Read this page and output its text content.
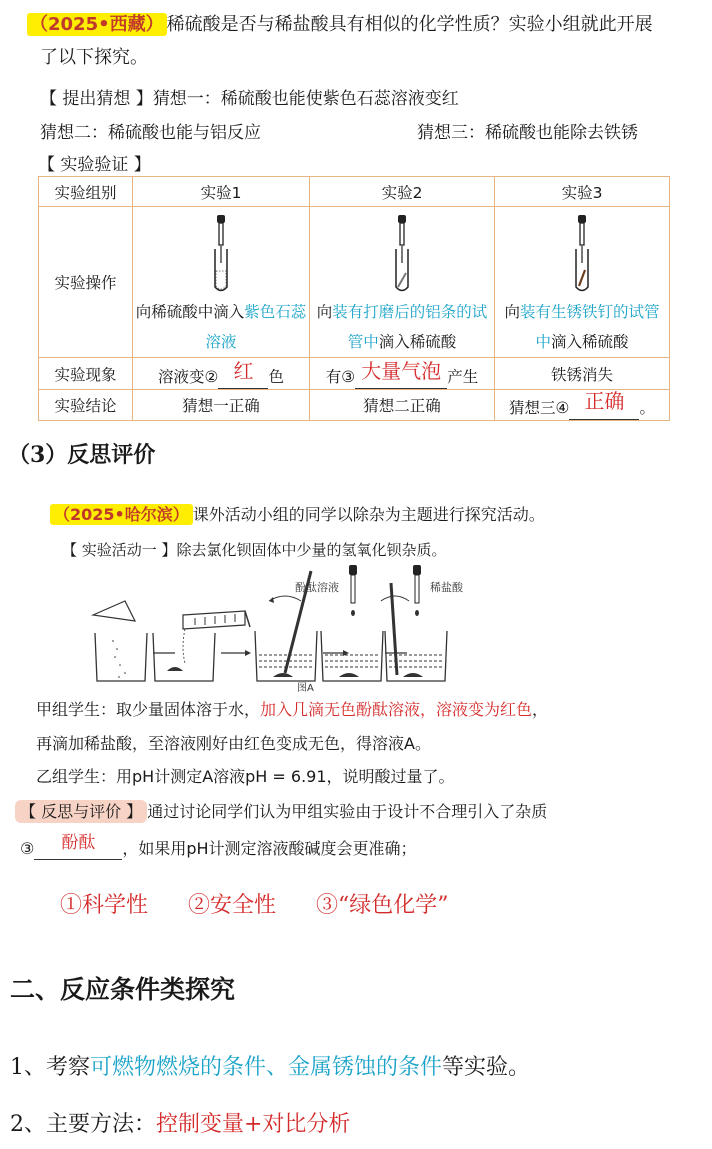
（2025•西藏） 稀硫酸是否与稀盐酸具有相似的化学性质？实验小组就此开展
了以下探究。
【 提出猜想 】猜想一：稀硫酸也能使紫色石蕊溶液变红
猜想二：稀硫酸也能与铝反应	猜想三：稀硫酸也能除去铁锈
【 实验验证 】
实验组别	实验1	实验2	实验3
实验操作	向稀硫酸中滴入紫色石蕊溶液	向装有打磨后的铝条的试管中滴入稀硫酸	向装有生锈铁钉的试管中滴入稀硫酸

实验现象	溶液变② 红 色	有③ 大量气泡 产生	铁锈消失
实验结论	猜想一正确	猜想二正确	猜想三④ 正确 。
（3）反思评价
（2025•哈尔滨） 课外活动小组的同学以除杂为主题进行探究活动。
【 实验活动一 】除去氯化钡固体中少量的氢氧化钡杂质。
酚酞溶液	稀盐酸
图A
甲组学生：取少量固体溶于水，加入几滴无色酚酞溶液，溶液变为红色，
再滴加稀盐酸，至溶液刚好由红色变成无色，得溶液A。
乙组学生：用pH计测定A溶液pH = 6.91，说明酸过量了。
【 反思与评价 】 通过讨论同学们认为甲组实验由于设计不合理引入了杂质
③ 酚酞 ，如果用pH计测定溶液酸碱度会更准确；
①科学性 ②安全性 ③“绿色化学”
二、反应条件类探究
1、考察可燃物燃烧的条件、金属锈蚀的条件等实验。
2、主要方法：控制变量+对比分析
